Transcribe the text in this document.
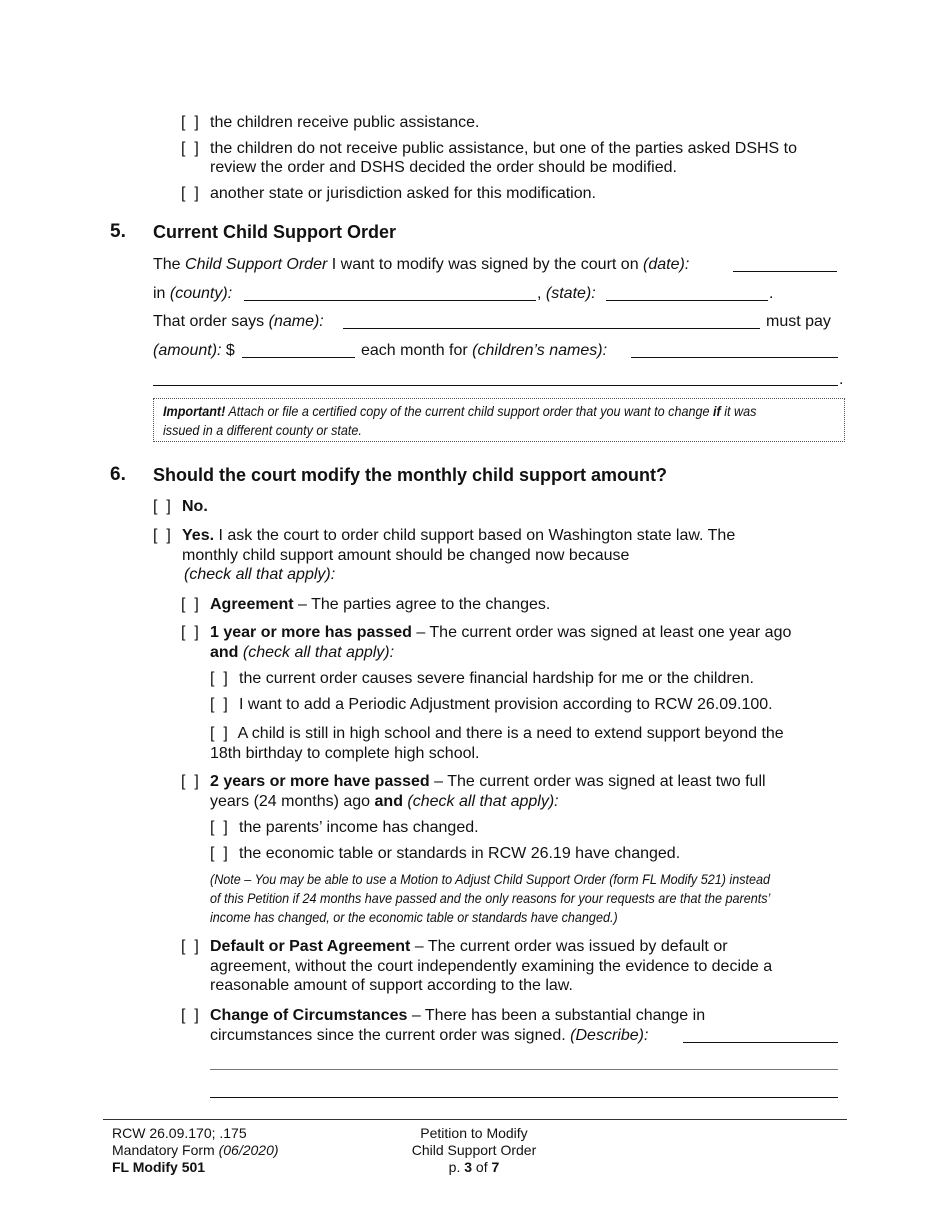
[  ] the children receive public assistance.
[  ] the children do not receive public assistance, but one of the parties asked DSHS to
review the order and DSHS decided the order should be modified.
[  ] another state or jurisdiction asked for this modification.
5. Current Child Support Order
The Child Support Order I want to modify was signed by the court on (date):
in (county):	, (state):	.
That order says (name):	must pay
(amount): $	each month for (children’s names):
.
Important! Attach or file a certified copy of the current child support order that you want to change if it was
issued in a different county or state.
6. Should the court modify the monthly child support amount?
[  ] No.
[  ] Yes. I ask the court to order child support based on Washington state law. The
monthly child support amount should be changed now because
(check all that apply):
[  ] Agreement – The parties agree to the changes.
[  ] 1 year or more has passed – The current order was signed at least one year ago
and (check all that apply):
[  ] the current order causes severe financial hardship for me or the children.
[  ] I want to add a Periodic Adjustment provision according to RCW 26.09.100.
[  ] A child is still in high school and there is a need to extend support beyond the
18th birthday to complete high school.
[  ] 2 years or more have passed – The current order was signed at least two full
years (24 months) ago and (check all that apply):
[  ] the parents’ income has changed.
[  ] the economic table or standards in RCW 26.19 have changed.
(Note – You may be able to use a Motion to Adjust Child Support Order (form FL Modify 521) instead
of this Petition if 24 months have passed and the only reasons for your requests are that the parents’
income has changed, or the economic table or standards have changed.)
[  ] Default or Past Agreement – The current order was issued by default or
agreement, without the court independently examining the evidence to decide a
reasonable amount of support according to the law.
[  ] Change of Circumstances – There has been a substantial change in
circumstances since the current order was signed. (Describe):
RCW 26.09.170; .175
Mandatory Form (06/2020)
FL Modify 501
Petition to Modify
Child Support Order
p. 3 of 7
